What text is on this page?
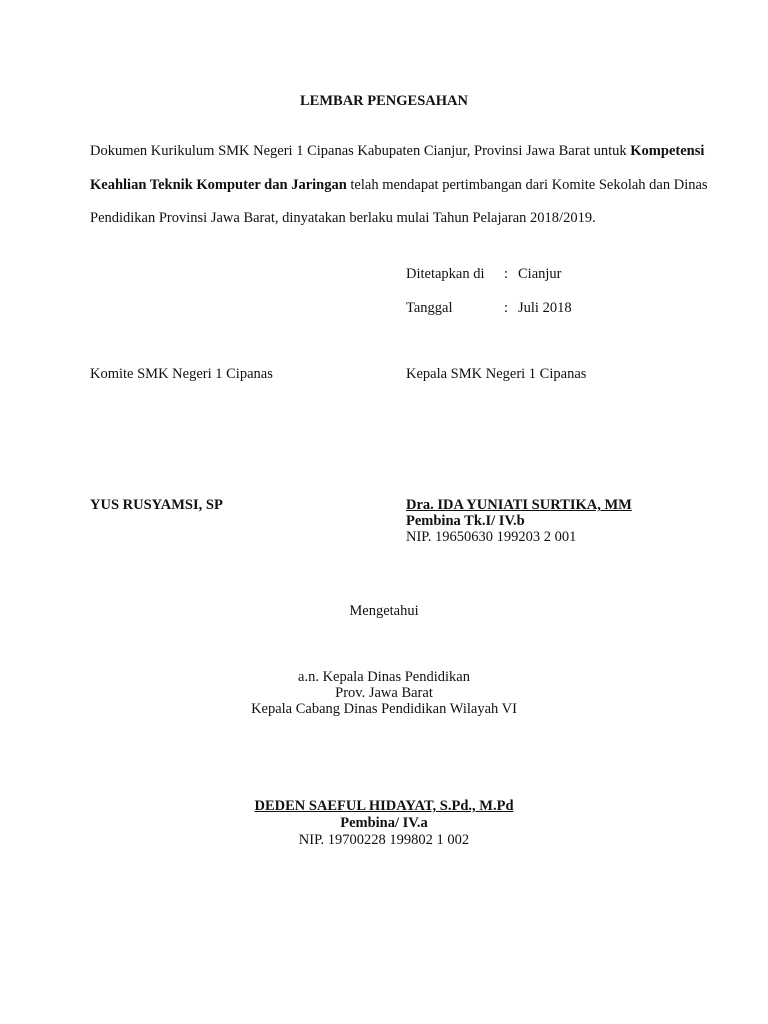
LEMBAR PENGESAHAN
Dokumen Kurikulum SMK Negeri 1 Cipanas Kabupaten Cianjur, Provinsi Jawa Barat untuk Kompetensi
Keahlian Teknik Komputer dan Jaringan telah mendapat pertimbangan dari Komite Sekolah dan Dinas
Pendidikan Provinsi Jawa Barat, dinyatakan berlaku mulai Tahun Pelajaran 2018/2019.
Ditetapkan di : Cianjur
Tanggal	: Juli 2018
Komite SMK Negeri 1 Cipanas	Kepala SMK Negeri 1 Cipanas
YUS RUSYAMSI, SP	Dra. IDA YUNIATI SURTIKA, MM
Pembina Tk.I/ IV.b
NIP. 19650630 199203 2 001
Mengetahui
a.n. Kepala Dinas Pendidikan
Prov. Jawa Barat
Kepala Cabang Dinas Pendidikan Wilayah VI
DEDEN SAEFUL HIDAYAT, S.Pd., M.Pd
Pembina/ IV.a
NIP. 19700228 199802 1 002
